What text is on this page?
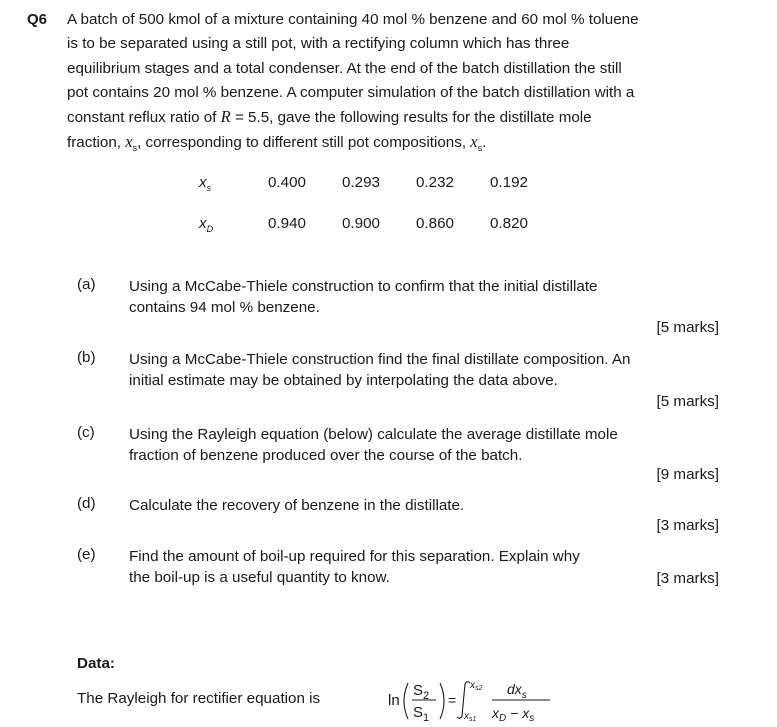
Q6 A batch of 500 kmol of a mixture containing 40 mol % benzene and 60 mol % toluene
is to be separated using a still pot, with a rectifying column which has three
equilibrium stages and a total condenser. At the end of the batch distillation the still
pot contains 20 mol % benzene. A computer simulation of the batch distillation with a
constant reflux ratio of R = 5.5, gave the following results for the distillate mole
fraction, $x_s$, corresponding to different still pot compositions, $x_s$.
$x_s$	0.400	0.293	0.232	0.192
$x_D$	0.940	0.900	0.860	0.820
(a) Using a McCabe-Thiele construction to confirm that the initial distillate
contains 94 mol % benzene.
[5 marks]
(b) Using a McCabe-Thiele construction find the final distillate composition. An
initial estimate may be obtained by interpolating the data above.
[5 marks]
(c) Using the Rayleigh equation (below) calculate the average distillate mole
fraction of benzene produced over the course of the batch.
[9 marks]
(d) Calculate the recovery of benzene in the distillate.
[3 marks]
(e) Find the amount of boil-up required for this separation. Explain why
the boil-up is a useful quantity to know.	[3 marks]
Data:
The Rayleigh for rectifier equation is	ln
$S_2$
$S_1$
=
$x_{s2}$
$x_{s1}$
$dx_s$
$x_D - x_s$
